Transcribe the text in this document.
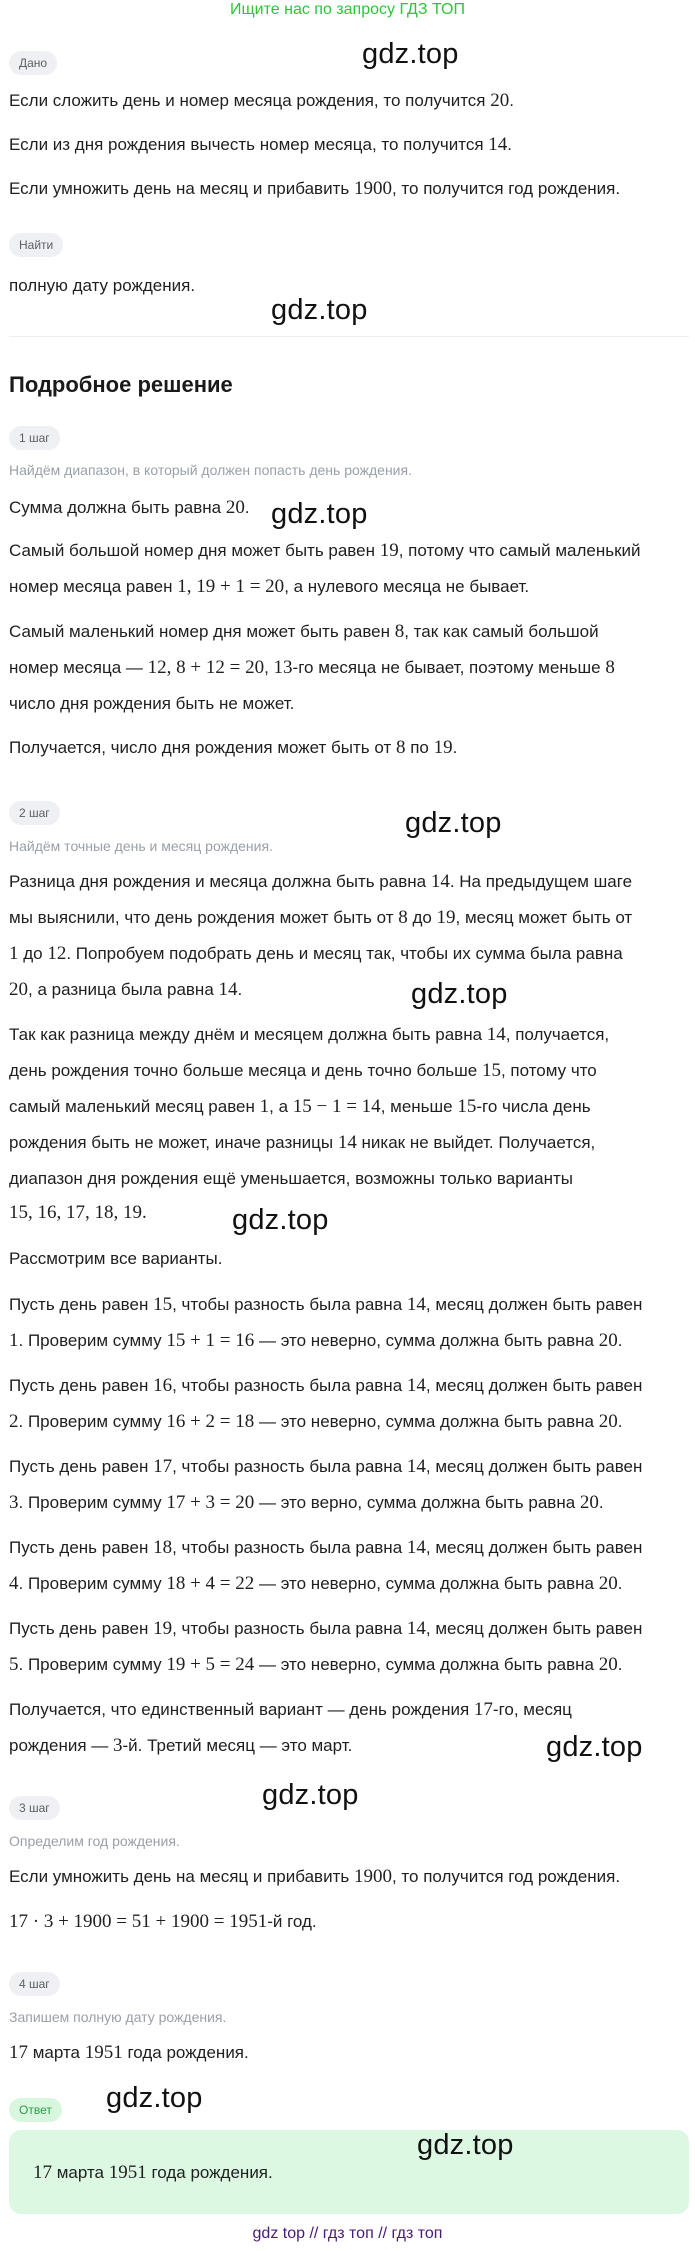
Ищите нас по запросу ГДЗ ТОП
Дано	gdz.top

Если сложить день и номер месяца рождения, то получится 20.

Если из дня рождения вычесть номер месяца, то получится 14.

Если умножить день на месяц и прибавить 1900, то получится год рождения.

Найти

полную дату рождения.

gdz.top
Подробное решение
1 шаг

Найдём диапазон, в который должен попасть день рождения.

Сумма должна быть равна 20. gdz.top

Самый большой номер дня может быть равен 19, потому что самый маленький

номер месяца равен 1, 19 + 1 = 20, а нулевого месяца не бывает.

Самый маленький номер дня может быть равен 8, так как самый большой

номер месяца — 12, 8 + 12 = 20, 13-го месяца не бывает, поэтому меньше 8

число дня рождения быть не может.

Получается, число дня рождения может быть от 8 по 19.

2 шаг	gdz.top

Найдём точные день и месяц рождения.

Разница дня рождения и месяца должна быть равна 14. На предыдущем шаге

мы выяснили, что день рождения может быть от 8 до 19, месяц может быть от

1 до 12. Попробуем подобрать день и месяц так, чтобы их сумма была равна

20, а разница была равна 14.	gdz.top

Так как разница между днём и месяцем должна быть равна 14, получается,

день рождения точно больше месяца и день точно больше 15, потому что

самый маленький месяц равен 1, а 15 − 1 = 14, меньше 15-го числа день

рождения быть не может, иначе разницы 14 никак не выйдет. Получается,

диапазон дня рождения ещё уменьшается, возможны только варианты

15, 16, 17, 18, 19.	gdz.top

Рассмотрим все варианты.

Пусть день равен 15, чтобы разность была равна 14, месяц должен быть равен

1. Проверим сумму 15 + 1 = 16 — это неверно, сумма должна быть равна 20.

Пусть день равен 16, чтобы разность была равна 14, месяц должен быть равен

2. Проверим сумму 16 + 2 = 18 — это неверно, сумма должна быть равна 20.

Пусть день равен 17, чтобы разность была равна 14, месяц должен быть равен

3. Проверим сумму 17 + 3 = 20 — это верно, сумма должна быть равна 20.

Пусть день равен 18, чтобы разность была равна 14, месяц должен быть равен

4. Проверим сумму 18 + 4 = 22 — это неверно, сумма должна быть равна 20.

Пусть день равен 19, чтобы разность была равна 14, месяц должен быть равен

5. Проверим сумму 19 + 5 = 24 — это неверно, сумма должна быть равна 20.

Получается, что единственный вариант — день рождения 17-го, месяц

рождения — 3-й. Третий месяц — это март.	gdz.top
gdz.top
3 шаг

Определим год рождения.

Если умножить день на месяц и прибавить 1900, то получится год рождения.

17 · 3 + 1900 = 51 + 1900 = 1951-й год.

4 шаг

Запишем полную дату рождения.

17 марта 1951 года рождения.

Ответ	gdz.top
17 марта 1951 года рождения.
gdz.top
gdz top // гдз топ // гдз топ
